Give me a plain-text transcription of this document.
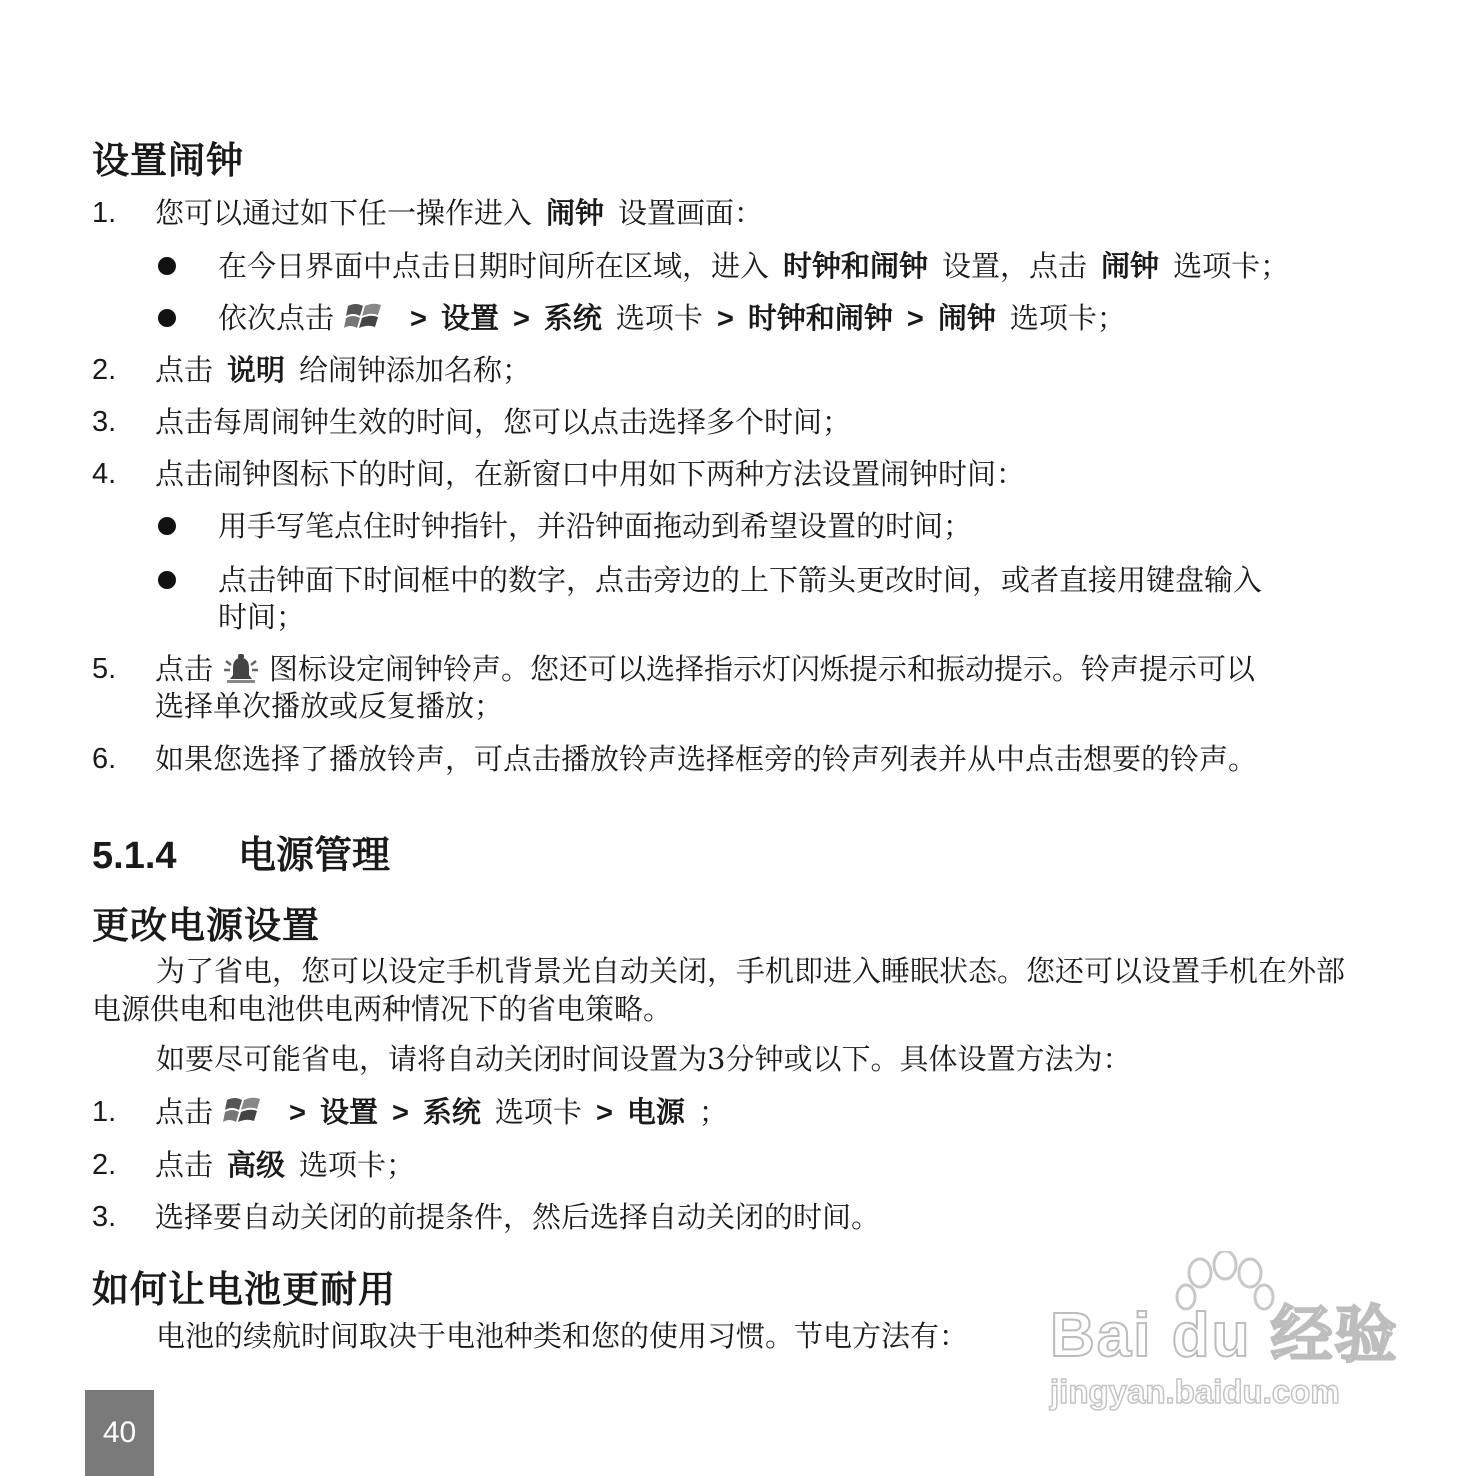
设置闹钟
1. 您可以通过如下任一操作进入 闹钟 设置画面：
在今日界面中点击日期时间所在区域，进入 时钟和闹钟 设置，点击 闹钟 选项卡；
依次点击	> 设置 > 系统 选项卡 > 时钟和闹钟 > 闹钟 选项卡；
2. 点击 说明 给闹钟添加名称；
3. 点击每周闹钟生效的时间，您可以点击选择多个时间；
4. 点击闹钟图标下的时间，在新窗口中用如下两种方法设置闹钟时间：
用手写笔点住时钟指针，并沿钟面拖动到希望设置的时间；
点击钟面下时间框中的数字，点击旁边的上下箭头更改时间，或者直接用键盘输入
时间；
5. 点击 图标设定闹钟铃声。您还可以选择指示灯闪烁提示和振动提示。铃声提示可以
选择单次播放或反复播放；
6. 如果您选择了播放铃声，可点击播放铃声选择框旁的铃声列表并从中点击想要的铃声。
5.1.4 电源管理
更改电源设置
为了省电，您可以设定手机背景光自动关闭，手机即进入睡眠状态。您还可以设置手机在外部电源供电和电池供电两种情况下的省电策略。
如要尽可能省电，请将自动关闭时间设置为3分钟或以下。具体设置方法为：
1. 点击	> 设置 > 系统 选项卡 > 电源 ；
2. 点击 高级 选项卡；
3. 选择要自动关闭的前提条件，然后选择自动关闭的时间。
如何让电池更耐用
电池的续航时间取决于电池种类和您的使用习惯。节电方法有：	Bai du 经验
jingyan.baidu.com
40
